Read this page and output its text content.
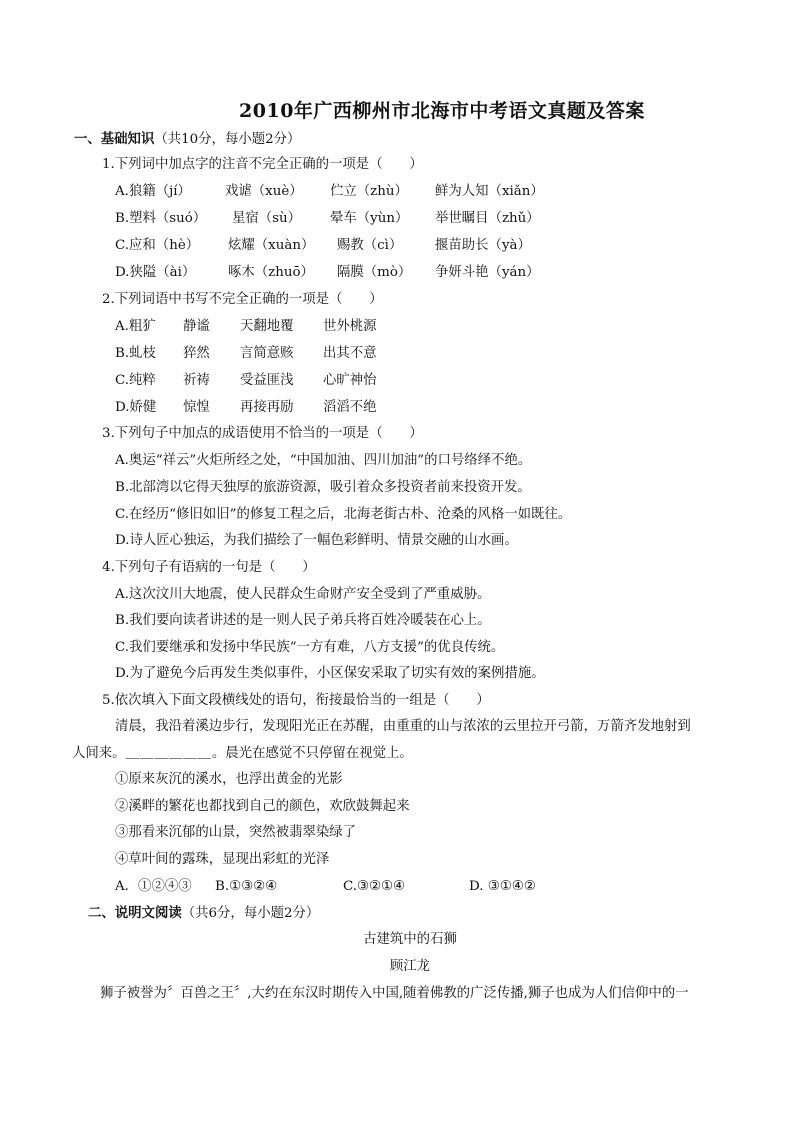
2010年广西柳州市北海市中考语文真题及答案
一、基础知识（共10分，每小题2分）
1.下列词中加点字的注音不完全正确的一项是（　　）
A.狼籍（jí）	戏谑（xuè） 伫立（zhù） 鲜为人知（xiǎn）
B.塑料（suó） 星宿（sù） 晕车（yùn） 举世瞩目（zhǔ）
C.应和（hè） 炫耀（xuàn） 赐教（cì） 揠苗助长（yà）
D.狭隘（ài） 啄木（zhuō） 隔膜（mò） 争妍斗艳（yán）
2.下列词语中书写不完全正确的一项是（　　）
A.粗犷 静谧 天翻地覆 世外桃源
B.虬枝 猝然 言简意赅 出其不意
C.纯粹 祈祷 受益匪浅 心旷神怡
D.娇健 惊惶 再接再励 滔滔不绝
3.下列句子中加点的成语使用不恰当的一项是（　　）
A.奥运“祥云”火炬所经之处，“中国加油、四川加油”的口号络绎不绝。
B.北部湾以它得天独厚的旅游资源，吸引着众多投资者前来投资开发。
C.在经历“修旧如旧”的修复工程之后，北海老街古朴、沧桑的风格一如既往。
D.诗人匠心独运，为我们描绘了一幅色彩鲜明、情景交融的山水画。
4.下列句子有语病的一句是（　　）
A.这次汶川大地震，使人民群众生命财产安全受到了严重威胁。
B.我们要向读者讲述的是一则人民子弟兵将百姓冷暖装在心上。
C.我们要继承和发扬中华民族“一方有难，八方支援”的优良传统。
D.为了避免今后再发生类似事件，小区保安采取了切实有效的案例措施。
5.依次填入下面文段横线处的语句，衔接最恰当的一组是（　　）
清晨，我沿着溪边步行，发现阳光正在苏醒，由重重的山与浓浓的云里拉开弓箭，万箭齐发地射到
人间来。＿＿＿＿＿＿。晨光在感觉不只停留在视觉上。
①原来灰沉的溪水，也浮出黄金的光影
②溪畔的繁花也都找到自己的颜色，欢欣鼓舞起来
③那看来沉郁的山景，突然被翡翠染绿了
④草叶间的露珠，显现出彩虹的光泽
A．①②④③ B.①③②④	C.③②①④	D. ③①④②
二、说明文阅读（共6分，每小题2分）
古建筑中的石狮
顾江龙
狮子被誉为〞百兽之王〞,大约在东汉时期传入中国,随着佛教的广泛传播,狮子也成为人们信仰中的一
